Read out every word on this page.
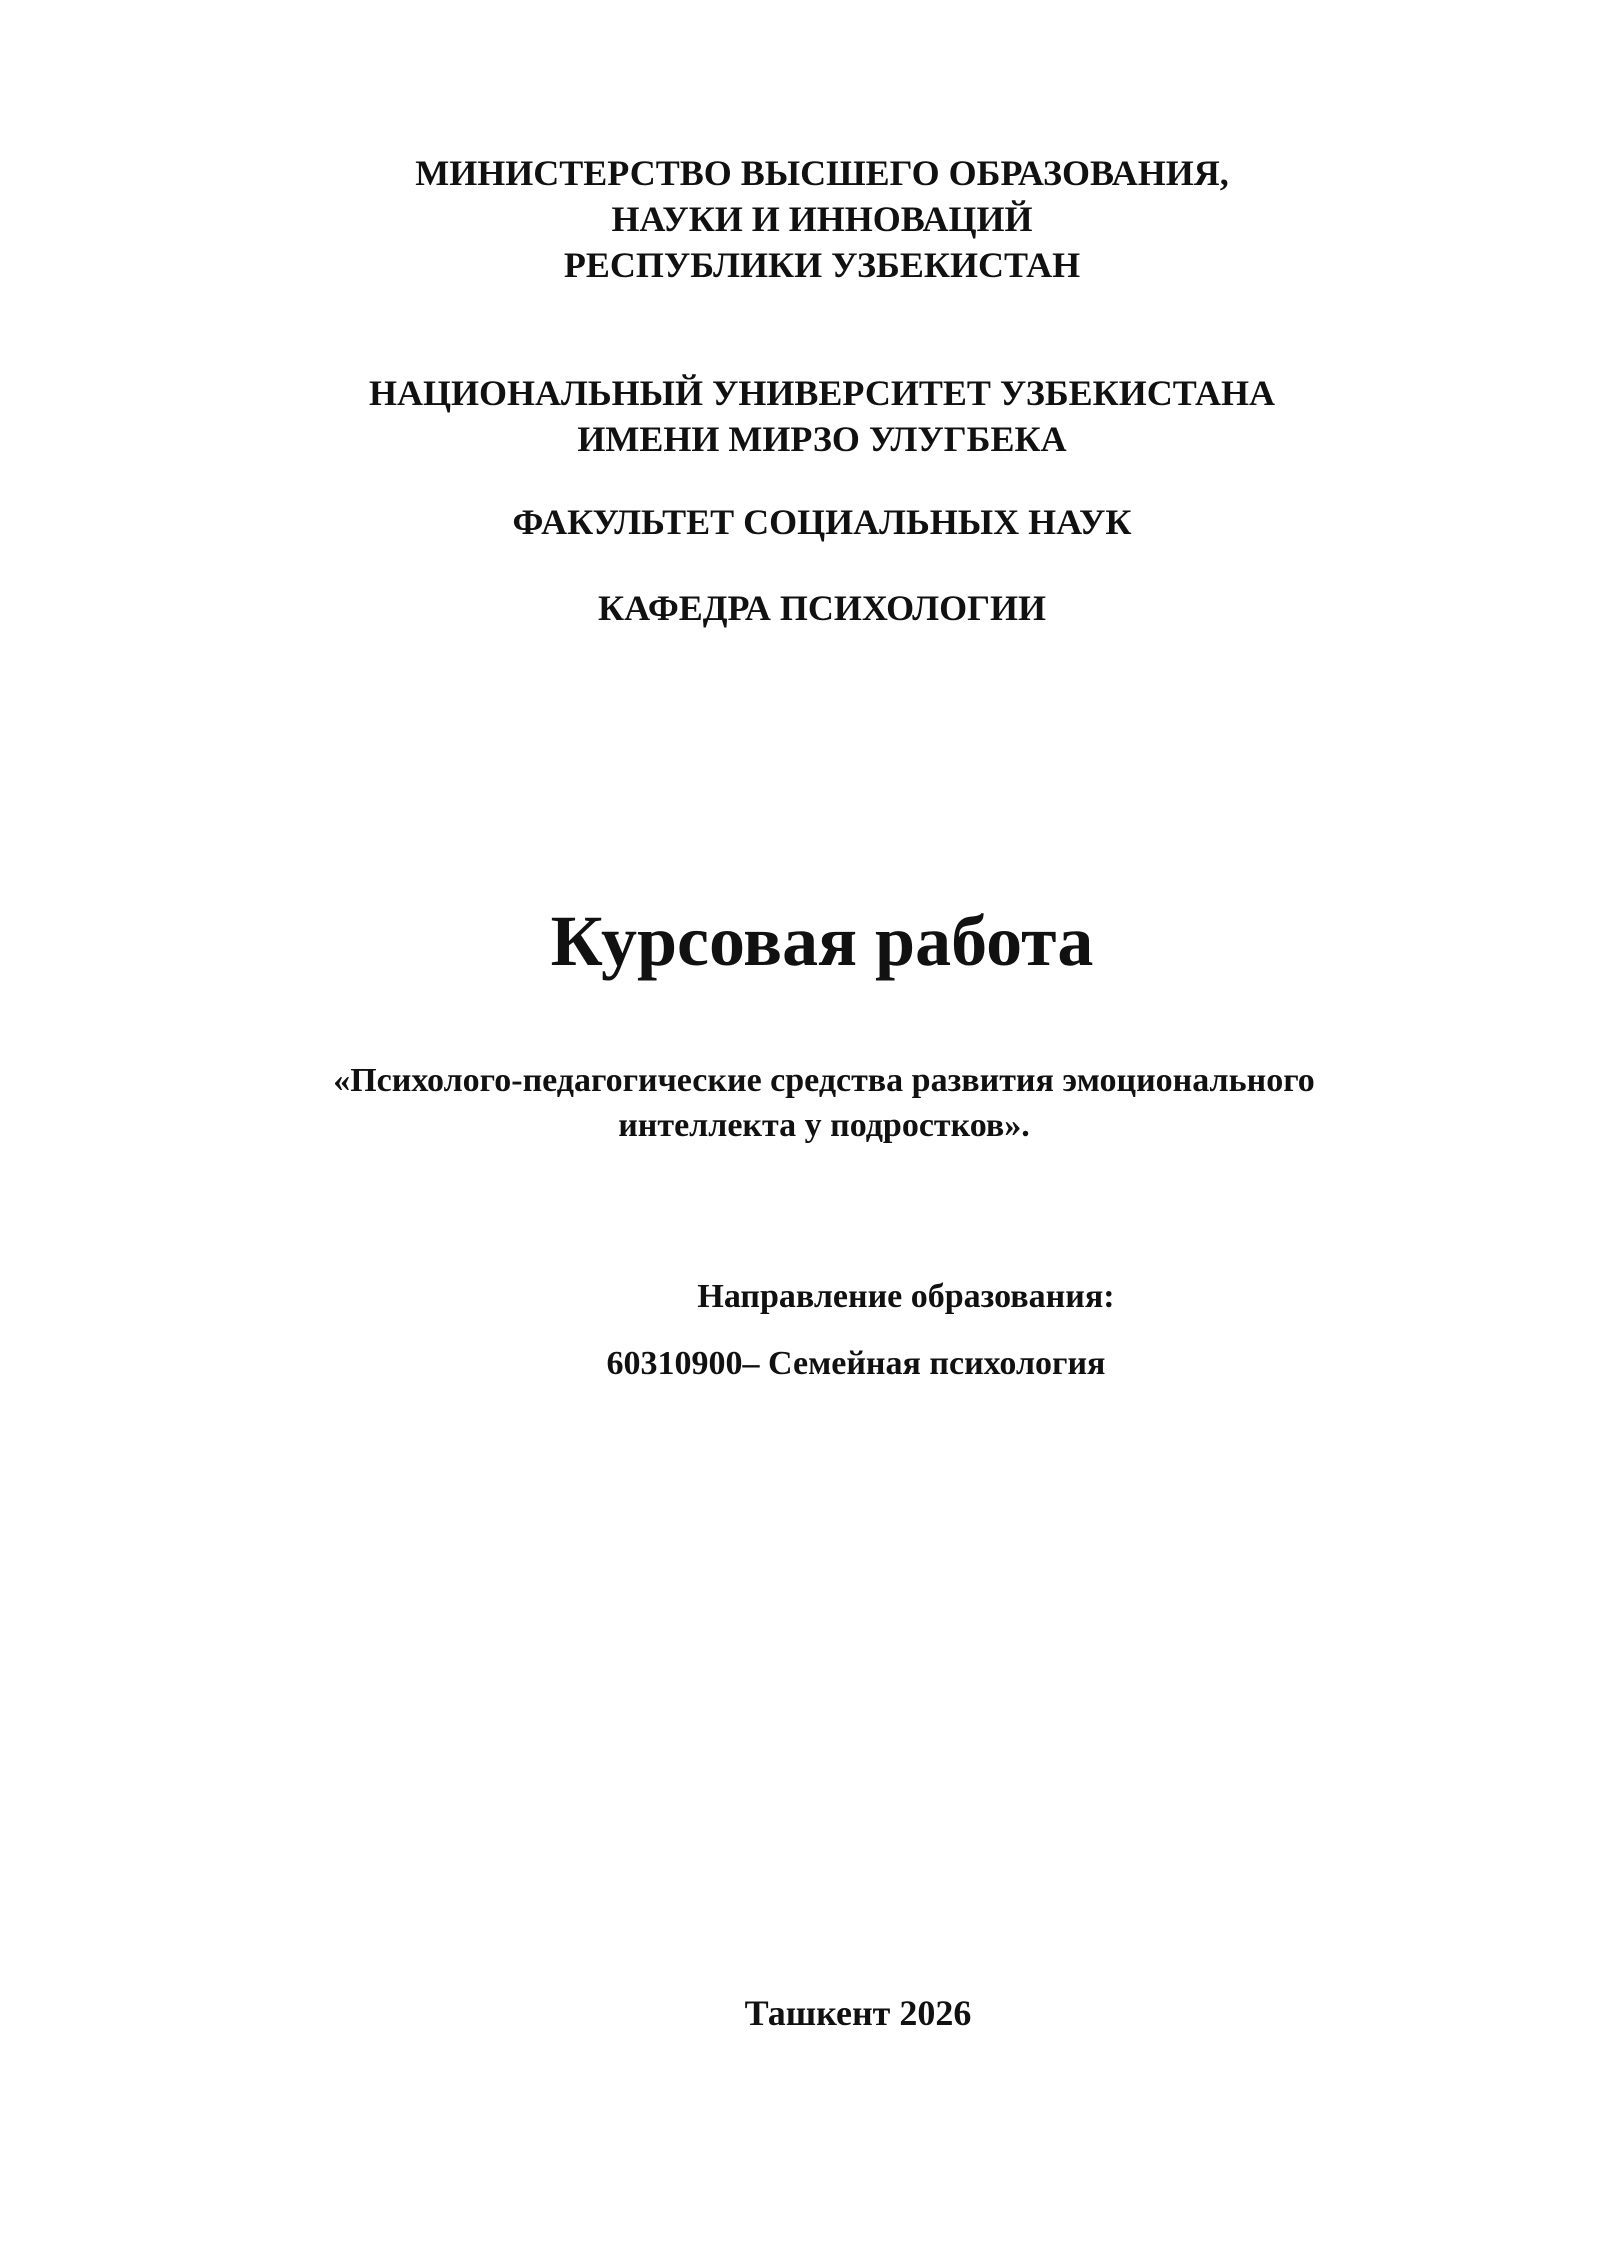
МИНИСТЕРСТВО ВЫСШЕГО ОБРАЗОВАНИЯ,
НАУКИ И ИННОВАЦИЙ
РЕСПУБЛИКИ УЗБЕКИСТАН
НАЦИОНАЛЬНЫЙ УНИВЕРСИТЕТ УЗБЕКИСТАНА
ИМЕНИ МИРЗО УЛУГБЕКА
ФАКУЛЬТЕТ СОЦИАЛЬНЫХ НАУК
КАФЕДРА ПСИХОЛОГИИ
Курсовая работа
«Психолого-педагогические средства развития эмоционального
интеллекта у подростков».
Направление образования:
60310900– Семейная психология
Ташкент 2026
